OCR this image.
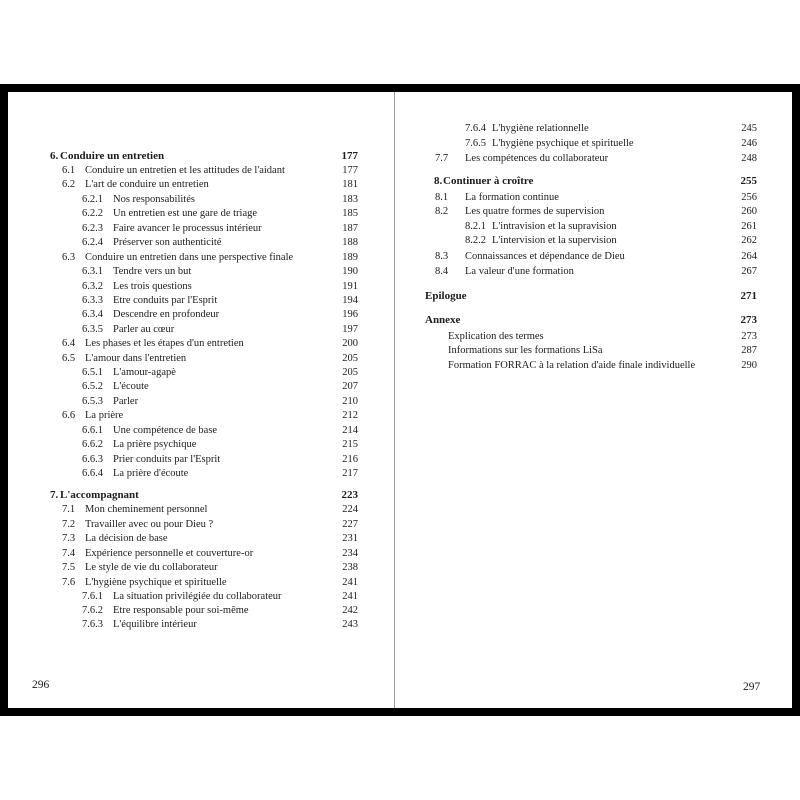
6. Conduire un entretien	177
6.1 Conduire un entretien et les attitudes de l'aidant	177
6.2 L'art de conduire un entretien	181
6.2.1 Nos responsabilités	183
6.2.2 Un entretien est une gare de triage	185
6.2.3 Faire avancer le processus intérieur	187
6.2.4 Préserver son authenticité	188
6.3 Conduire un entretien dans une perspective finale	189
6.3.1 Tendre vers un but	190
6.3.2 Les trois questions	191
6.3.3 Etre conduits par l'Esprit	194
6.3.4 Descendre en profondeur	196
6.3.5 Parler au cœur	197
6.4 Les phases et les étapes d'un entretien	200
6.5 L'amour dans l'entretien	205
6.5.1 L'amour-agapè	205
6.5.2 L'écoute	207
6.5.3 Parler	210
6.6 La prière	212
6.6.1 Une compétence de base	214
6.6.2 La prière psychique	215
6.6.3 Prier conduits par l'Esprit	216
6.6.4 La prière d'écoute	217
7. L'accompagnant	223
7.1 Mon cheminement personnel	224
7.2 Travailler avec ou pour Dieu ?	227
7.3 La décision de base	231
7.4 Expérience personnelle et couverture-or	234
7.5 Le style de vie du collaborateur	238
7.6 L'hygiène psychique et spirituelle	241
7.6.1 La situation privilégiée du collaborateur	241
7.6.2 Etre responsable pour soi-même	242
7.6.3 L'équilibre intérieur	243
7.6.4 L'hygiène relationnelle	245
7.6.5 L'hygiène psychique et spirituelle	246
7.7 Les compétences du collaborateur	248
8. Continuer à croître	255
8.1 La formation continue	256
8.2 Les quatre formes de supervision	260
8.2.1 L'intravision et la supravision	261
8.2.2 L'intervision et la supervision	262
8.3 Connaissances et dépendance de Dieu	264
8.4 La valeur d'une formation	267
Epilogue	271
Annexe	273
Explication des termes	273
Informations sur les formations LiSa	287
Formation FORRAC à la relation d'aide finale individuelle	290
296	297
